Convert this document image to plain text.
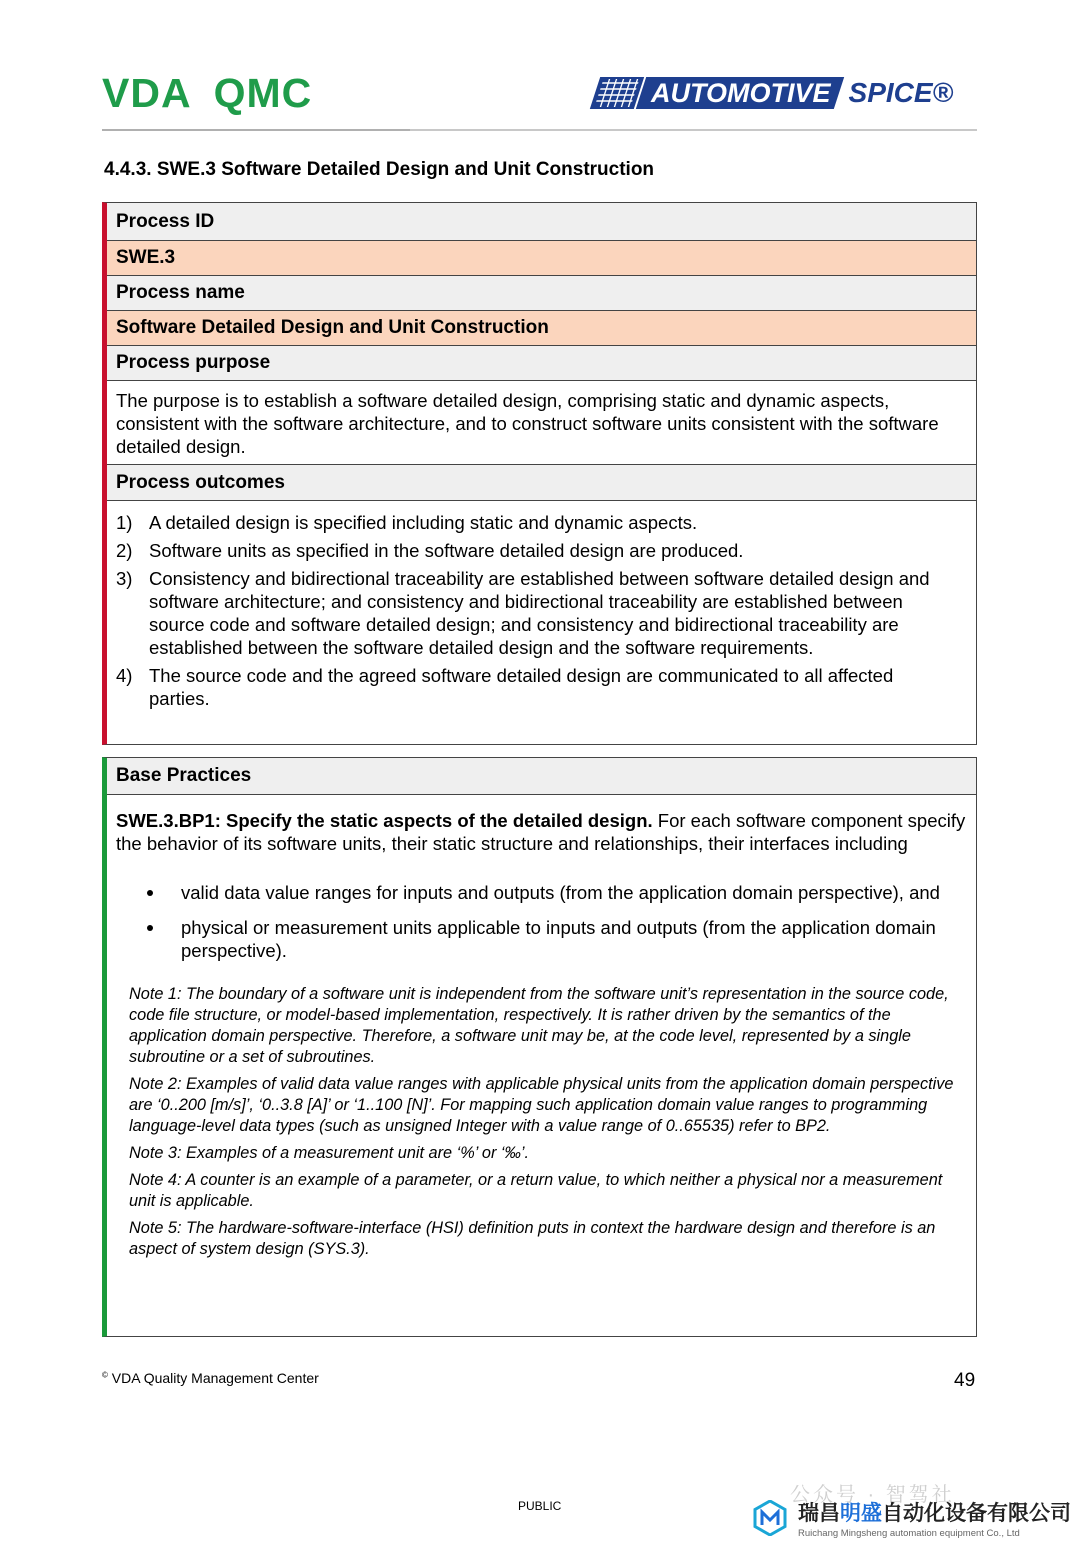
VDA QMC	AUTOMOTIVE SPICE®
4.4.3. SWE.3 Software Detailed Design and Unit Construction
Process ID
SWE.3
Process name
Software Detailed Design and Unit Construction
Process purpose
The purpose is to establish a software detailed design, comprising static and dynamic aspects, consistent with the software architecture, and to construct software units consistent with the software detailed design.
Process outcomes
1) A detailed design is specified including static and dynamic aspects.
2) Software units as specified in the software detailed design are produced.
3) Consistency and bidirectional traceability are established between software detailed design and software architecture; and consistency and bidirectional traceability are established between source code and software detailed design; and consistency and bidirectional traceability are established between the software detailed design and the software requirements.
4) The source code and the agreed software detailed design are communicated to all affected parties.
Base Practices
SWE.3.BP1: Specify the static aspects of the detailed design. For each software component specify the behavior of its software units, their static structure and relationships, their interfaces including
valid data value ranges for inputs and outputs (from the application domain perspective), and
physical or measurement units applicable to inputs and outputs (from the application domain perspective).

Note 1: The boundary of a software unit is independent from the software unit’s representation in the source code, code file structure, or model-based implementation, respectively. It is rather driven by the semantics of the application domain perspective. Therefore, a software unit may be, at the code level, represented by a single subroutine or a set of subroutines.

Note 2: Examples of valid data value ranges with applicable physical units from the application domain perspective are ‘0..200 [m/s]’, ‘0..3.8 [A]’ or ‘1..100 [N]’. For mapping such application domain value ranges to programming language-level data types (such as unsigned Integer with a value range of 0..65535) refer to BP2.

Note 3: Examples of a measurement unit are ‘%’ or ‘‰’.

Note 4: A counter is an example of a parameter, or a return value, to which neither a physical nor a measurement unit is applicable.

Note 5: The hardware-software-interface (HSI) definition puts in context the hardware design and therefore is an aspect of system design (SYS.3).

© VDA Quality Management Center	49
PUBLIC	公众号 · 智驾社
瑞昌明盛自动化设备有限公司
Ruichang Mingsheng automation equipment Co., Ltd
